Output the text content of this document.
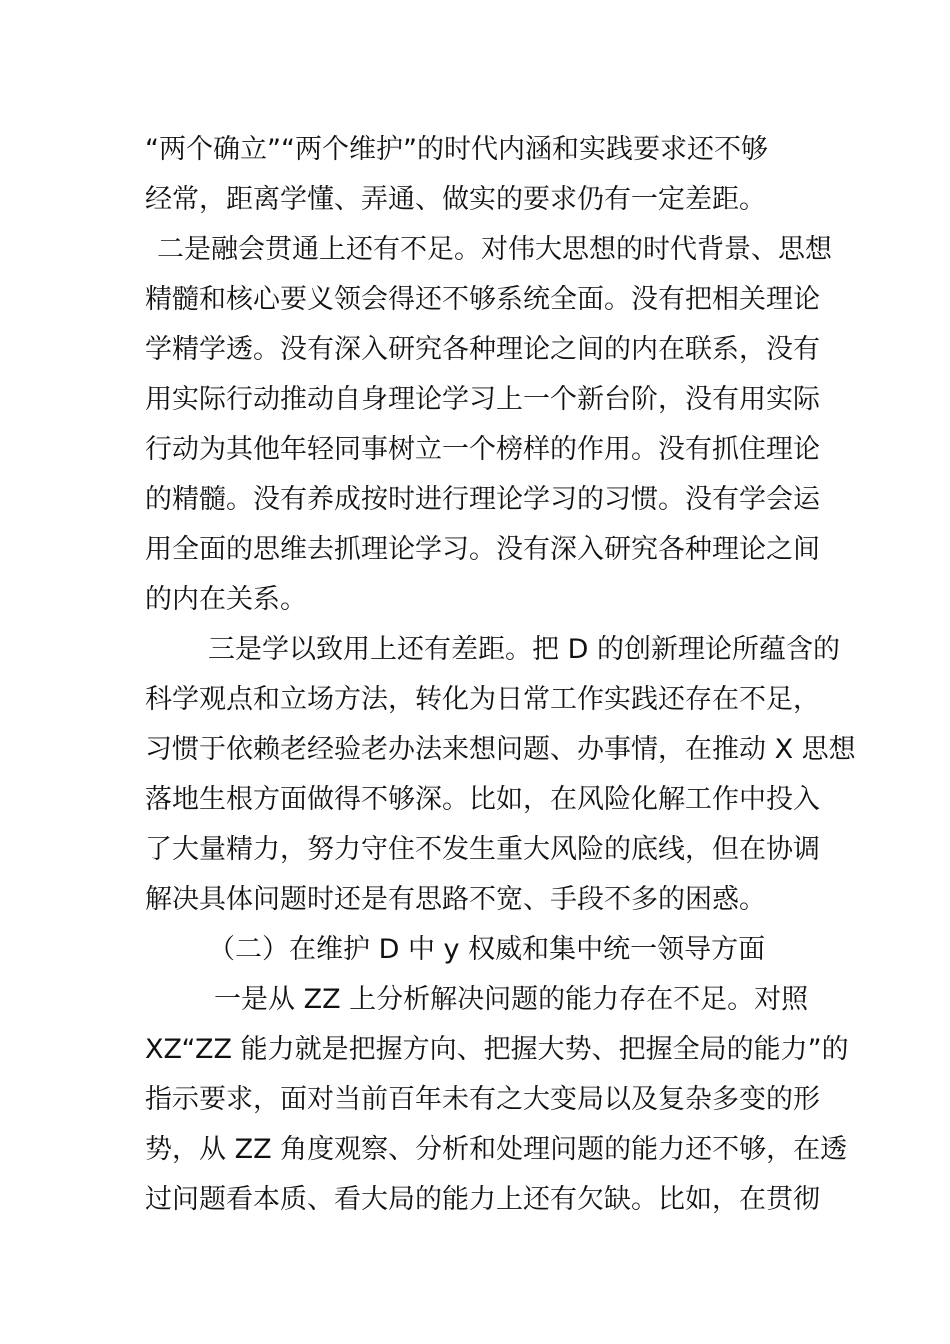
“两个确立”“两个维护”的时代内涵和实践要求还不够

经常，距离学懂、弄通、做实的要求仍有一定差距。

二是融会贯通上还有不足。对伟大思想的时代背景、思想

精髓和核心要义领会得还不够系统全面。没有把相关理论

学精学透。没有深入研究各种理论之间的内在联系，没有

用实际行动推动自身理论学习上一个新台阶，没有用实际

行动为其他年轻同事树立一个榜样的作用。没有抓住理论

的精髓。没有养成按时进行理论学习的习惯。没有学会运

用全面的思维去抓理论学习。没有深入研究各种理论之间

的内在关系。

三是学以致用上还有差距。把 D 的创新理论所蕴含的

科学观点和立场方法，转化为日常工作实践还存在不足，

习惯于依赖老经验老办法来想问题、办事情，在推动 X 思想

落地生根方面做得不够深。比如，在风险化解工作中投入

了大量精力，努力守住不发生重大风险的底线，但在协调

解决具体问题时还是有思路不宽、手段不多的困惑。

（二）在维护 D 中 y 权威和集中统一领导方面

一是从 ZZ 上分析解决问题的能力存在不足。对照

XZ“ZZ 能力就是把握方向、把握大势、把握全局的能力”的

指示要求，面对当前百年未有之大变局以及复杂多变的形

势，从 ZZ 角度观察、分析和处理问题的能力还不够，在透

过问题看本质、看大局的能力上还有欠缺。比如，在贯彻
